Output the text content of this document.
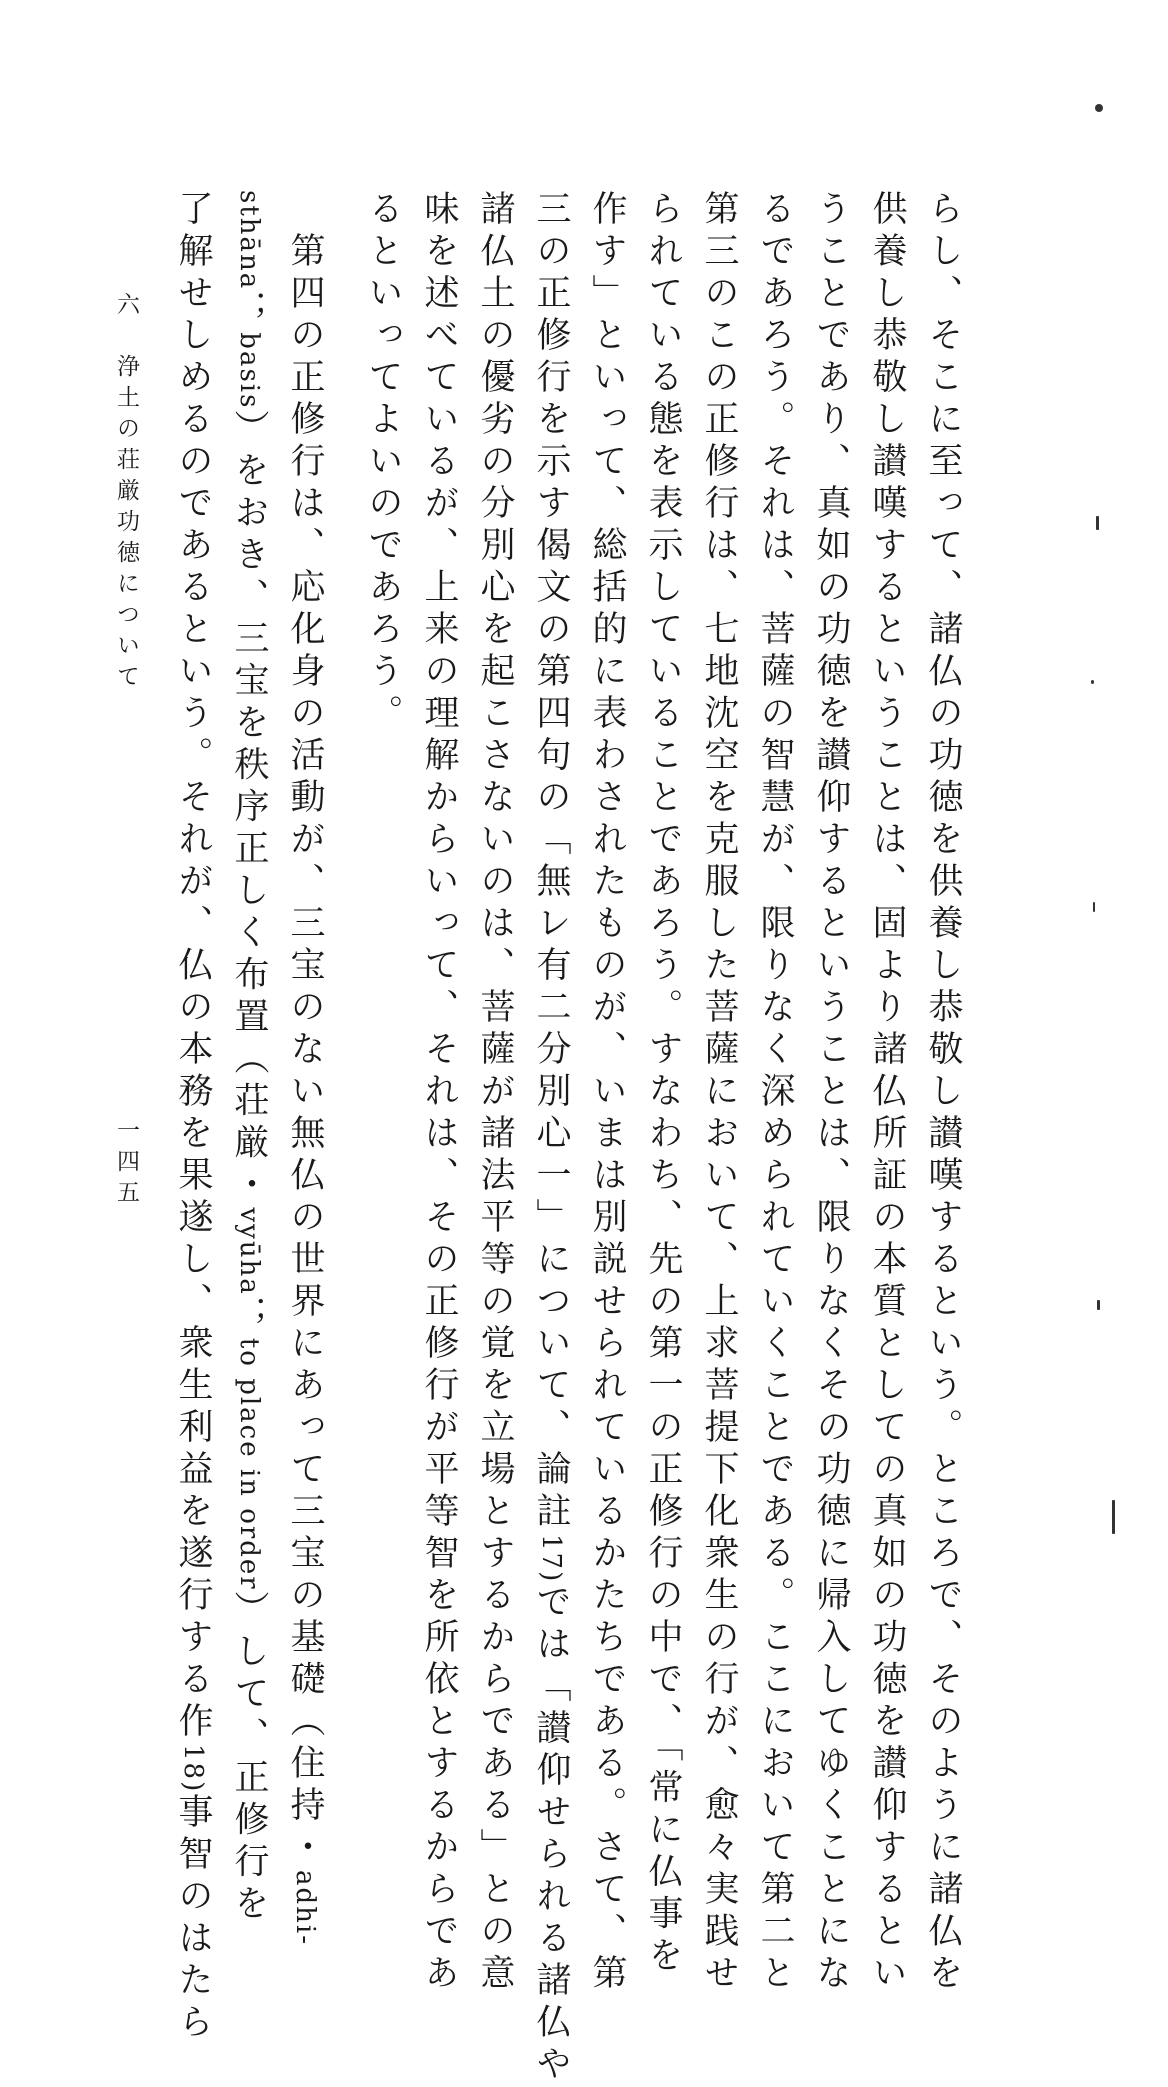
らし、そこに至って、諸仏の功徳を供養し恭敬し讃嘆するという。ところで、そのように諸仏を
供養し恭敬し讃嘆するということは、固より諸仏所証の本質としての真如の功徳を讃仰するとい
うことであり、真如の功徳を讃仰するということは、限りなくその功徳に帰入してゆくことにな
るであろう。それは、菩薩の智慧が、限りなく深められていくことである。ここにおいて第二と
第三のこの正修行は、七地沈空を克服した菩薩において、上求菩提下化衆生の行が、愈々実践せ
られている態を表示していることであろう。すなわち、先の第一の正修行の中で、「常に仏事を
作す」といって、総括的に表わされたものが、いまは別説せられているかたちである。さて、第
三の正修行を示す偈文の第四句の「無レ有二分別心一」について、論註17)では「讃仰せられる諸仏や
諸仏土の優劣の分別心を起こさないのは、菩薩が諸法平等の覚を立場とするからである」との意
味を述べているが、上来の理解からいって、それは、その正修行が平等智を所依とするからであ
るといってよいのであろう。
　第四の正修行は、応化身の活動が、三宝のない無仏の世界にあって三宝の基礎（住持・adhi-
sthāna；basis）をおき、三宝を秩序正しく布置（荘厳・vyūha；to place in order）して、正修行を
了解せしめるのであるという。それが、仏の本務を果遂し、衆生利益を遂行する作18)事智のはたら
六　浄土の荘厳功徳について
一四五
